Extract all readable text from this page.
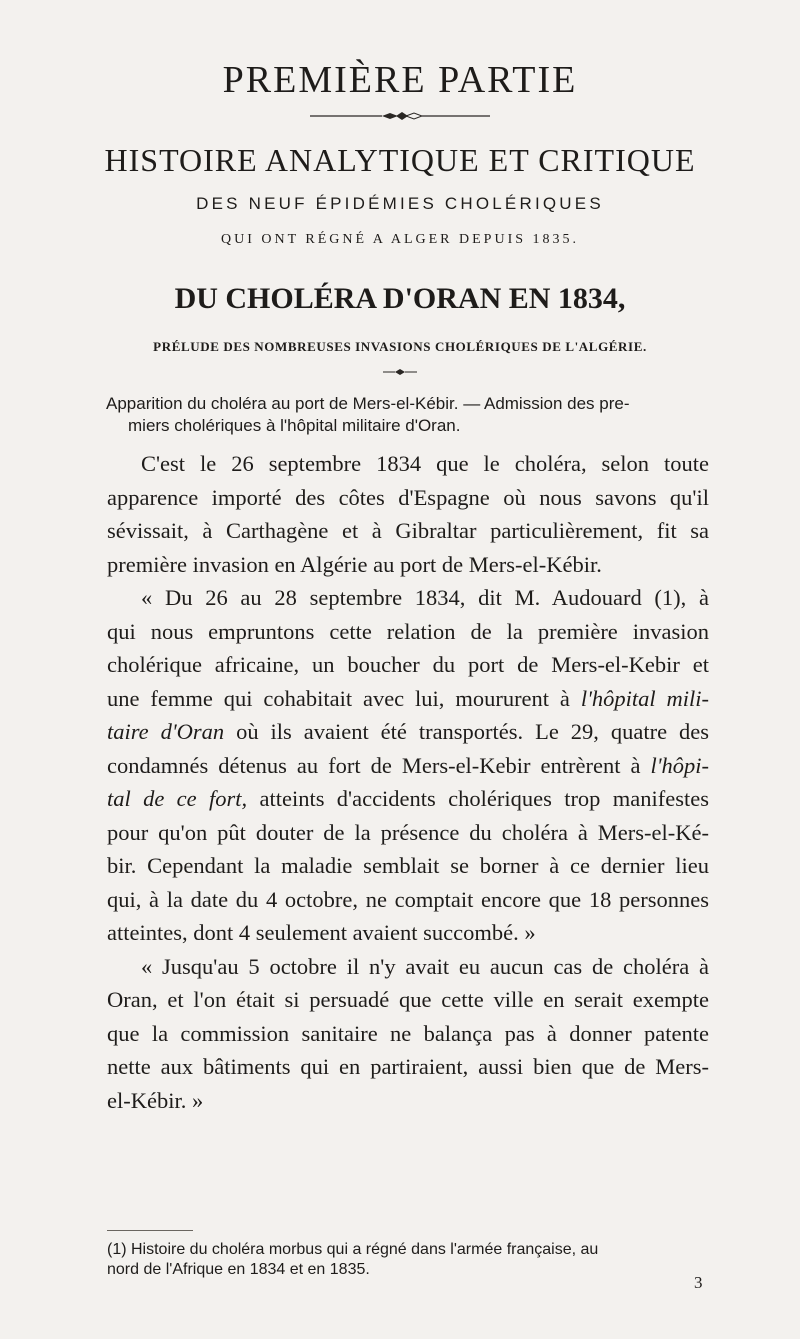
PREMIÈRE PARTIE
HISTOIRE ANALYTIQUE ET CRITIQUE
DES NEUF ÉPIDÉMIES CHOLÉRIQUES
QUI ONT RÉGNÉ A ALGER DEPUIS 1835.
DU CHOLÉRA D'ORAN EN 1834,
PRÉLUDE DES NOMBREUSES INVASIONS CHOLÉRIQUES DE L'ALGÉRIE.
Apparition du choléra au port de Mers-el-Kébir. — Admission des pre-
miers cholériques à l'hôpital militaire d'Oran.
C'est le 26 septembre 1834 que le choléra, selon toute
apparence importé des côtes d'Espagne où nous savons qu'il
sévissait, à Carthagène et à Gibraltar particulièrement, fit sa
première invasion en Algérie au port de Mers-el-Kébir.
« Du 26 au 28 septembre 1834, dit M. Audouard (1), à
qui nous empruntons cette relation de la première invasion
cholérique africaine, un boucher du port de Mers-el-Kebir et
une femme qui cohabitait avec lui, moururent à l'hôpital mili-
taire d'Oran où ils avaient été transportés. Le 29, quatre des
condamnés détenus au fort de Mers-el-Kebir entrèrent à l'hôpi-
tal de ce fort, atteints d'accidents cholériques trop manifestes
pour qu'on pût douter de la présence du choléra à Mers-el-Ké-
bir. Cependant la maladie semblait se borner à ce dernier lieu
qui, à la date du 4 octobre, ne comptait encore que 18 personnes
atteintes, dont 4 seulement avaient succombé. »
« Jusqu'au 5 octobre il n'y avait eu aucun cas de choléra à
Oran, et l'on était si persuadé que cette ville en serait exempte
que la commission sanitaire ne balança pas à donner patente
nette aux bâtiments qui en partiraient, aussi bien que de Mers-
el-Kébir. »
(1) Histoire du choléra morbus qui a régné dans l'armée française, au
nord de l'Afrique en 1834 et en 1835.
3
